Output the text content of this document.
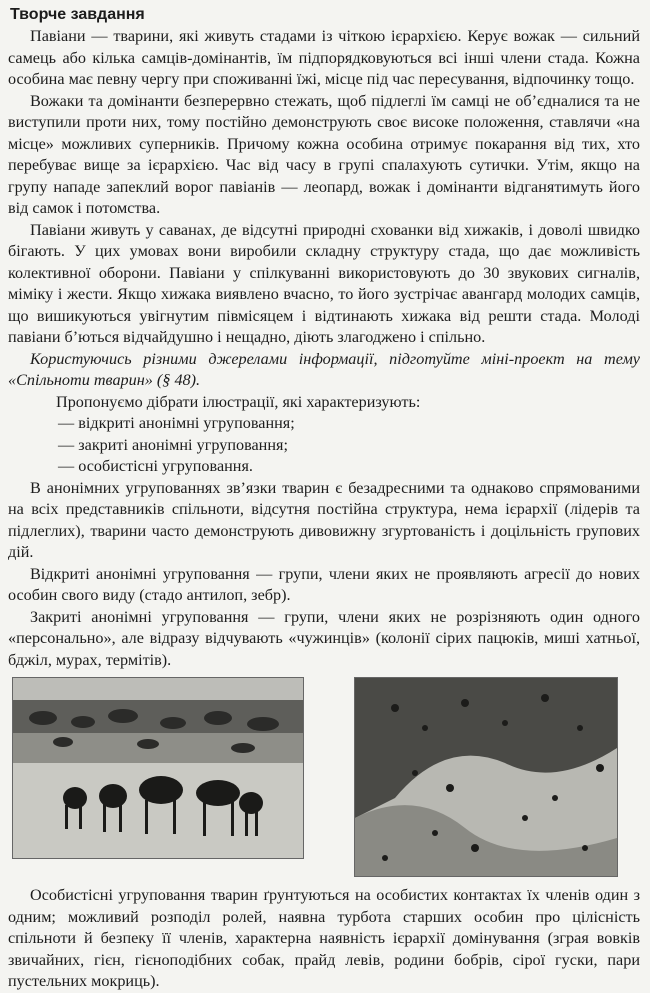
Творче завдання

Павіани — тварини, які живуть стадами із чіткою ієрархією. Керує вожак — сильний самець або кілька самців-домінантів, їм підпорядковуються всі інші члени стада. Кожна особина має певну чергу при споживанні їжі, місце під час пересування, відпочинку тощо.

Вожаки та домінанти безперервно стежать, щоб підлеглі їм самці не об’єдналися та не виступили проти них, тому постійно демонструють своє високе положення, ставлячи «на місце» можливих суперників. Причому кожна особина отримує покарання від тих, хто перебуває вище за ієрархією. Час від часу в групі спалахують сутички. Утім, якщо на групу нападе запеклий ворог павіанів — леопард, вожак і домінанти відганятимуть його від самок і потомства.

Павіани живуть у саванах, де відсутні природні схованки від хижаків, і доволі швидко бігають. У цих умовах вони виробили складну структуру стада, що дає можливість колективної оборони. Павіани у спілкуванні використовують до 30 звукових сигналів, міміку і жести. Якщо хижака виявлено вчасно, то його зустрічає авангард молодих самців, що вишикуються увігнутим півмісяцем і відтинають хижака від решти стада. Молоді павіани б’ються відчайдушно і нещадно, діють злагоджено і спільно.

Користуючись різними джерелами інформації, підготуйте міні-проект на тему «Спільноти тварин» (§ 48).

Пропонуємо дібрати ілюстрації, які характеризують:

— відкриті анонімні угруповання;

— закриті анонімні угруповання;

— особистісні угруповання.

В анонімних угрупованнях зв’язки тварин є безадресними та однаково спрямованими на всіх представників спільноти, відсутня постійна структура, нема ієрархії (лідерів та підлеглих), тварини часто демонструють дивовижну згуртованість і доцільність групових дій.

Відкриті анонімні угруповання — групи, члени яких не проявляють агресії до нових особин свого виду (стадо антилоп, зебр).

Закриті анонімні угруповання — групи, члени яких не розрізняють один одного «персонально», але відразу відчувають «чужинців» (колонії сірих пацюків, миші хатньої, бджіл, мурах, термітів).

Особистісні угруповання тварин ґрунтуються на особистих контактах їх членів один з одним; можливий розподіл ролей, наявна турбота старших особин про цілісність спільноти й безпеку її членів, характерна наявність ієрархії домінування (зграя вовків звичайних, гієн, гієноподібних собак, прайд левів, родини бобрів, сірої гуски, пари пустельних мокриць).
